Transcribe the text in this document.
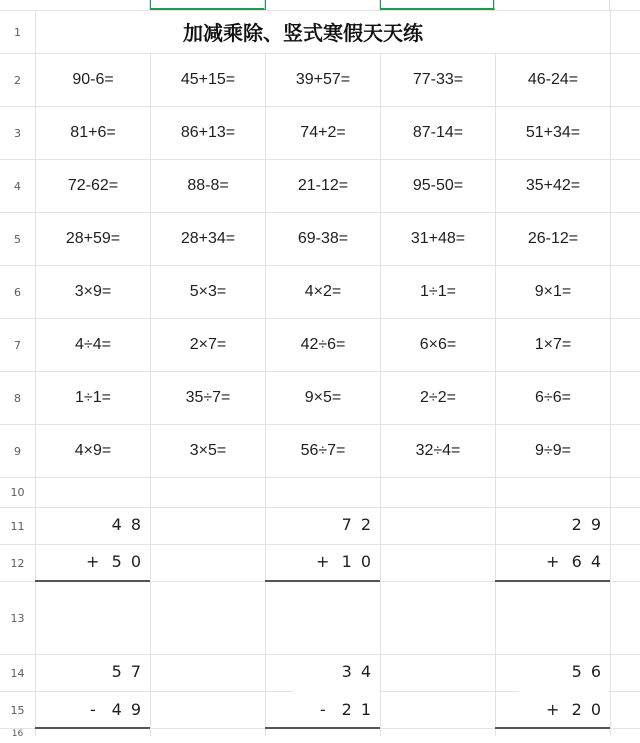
1
2
3
4
5
6
7
8
9
10
11
12
13
14
15
16
加减乘除、竖式寒假天天练
90-6=	45+15=	39+57=	77-33=	46-24=
81+6=	86+13=	74+2=	87-14=	51+34=
72-62=	88-8=	21-12=	95-50=	35+42=
28+59=	28+34=	69-38=	31+48=	26-12=
3×9=	5×3=	4×2=	1÷1=	9×1=
4÷4=	2×7=	42÷6=	6×6=	1×7=
1÷1=	35÷7=	9×5=	2÷2=	6÷6=
4×9=	3×5=	56÷7=	32÷4=	9÷9=
48
+ 50
72
+ 10
29
+ 64
57
- 49
34
- 21
56
+ 20
